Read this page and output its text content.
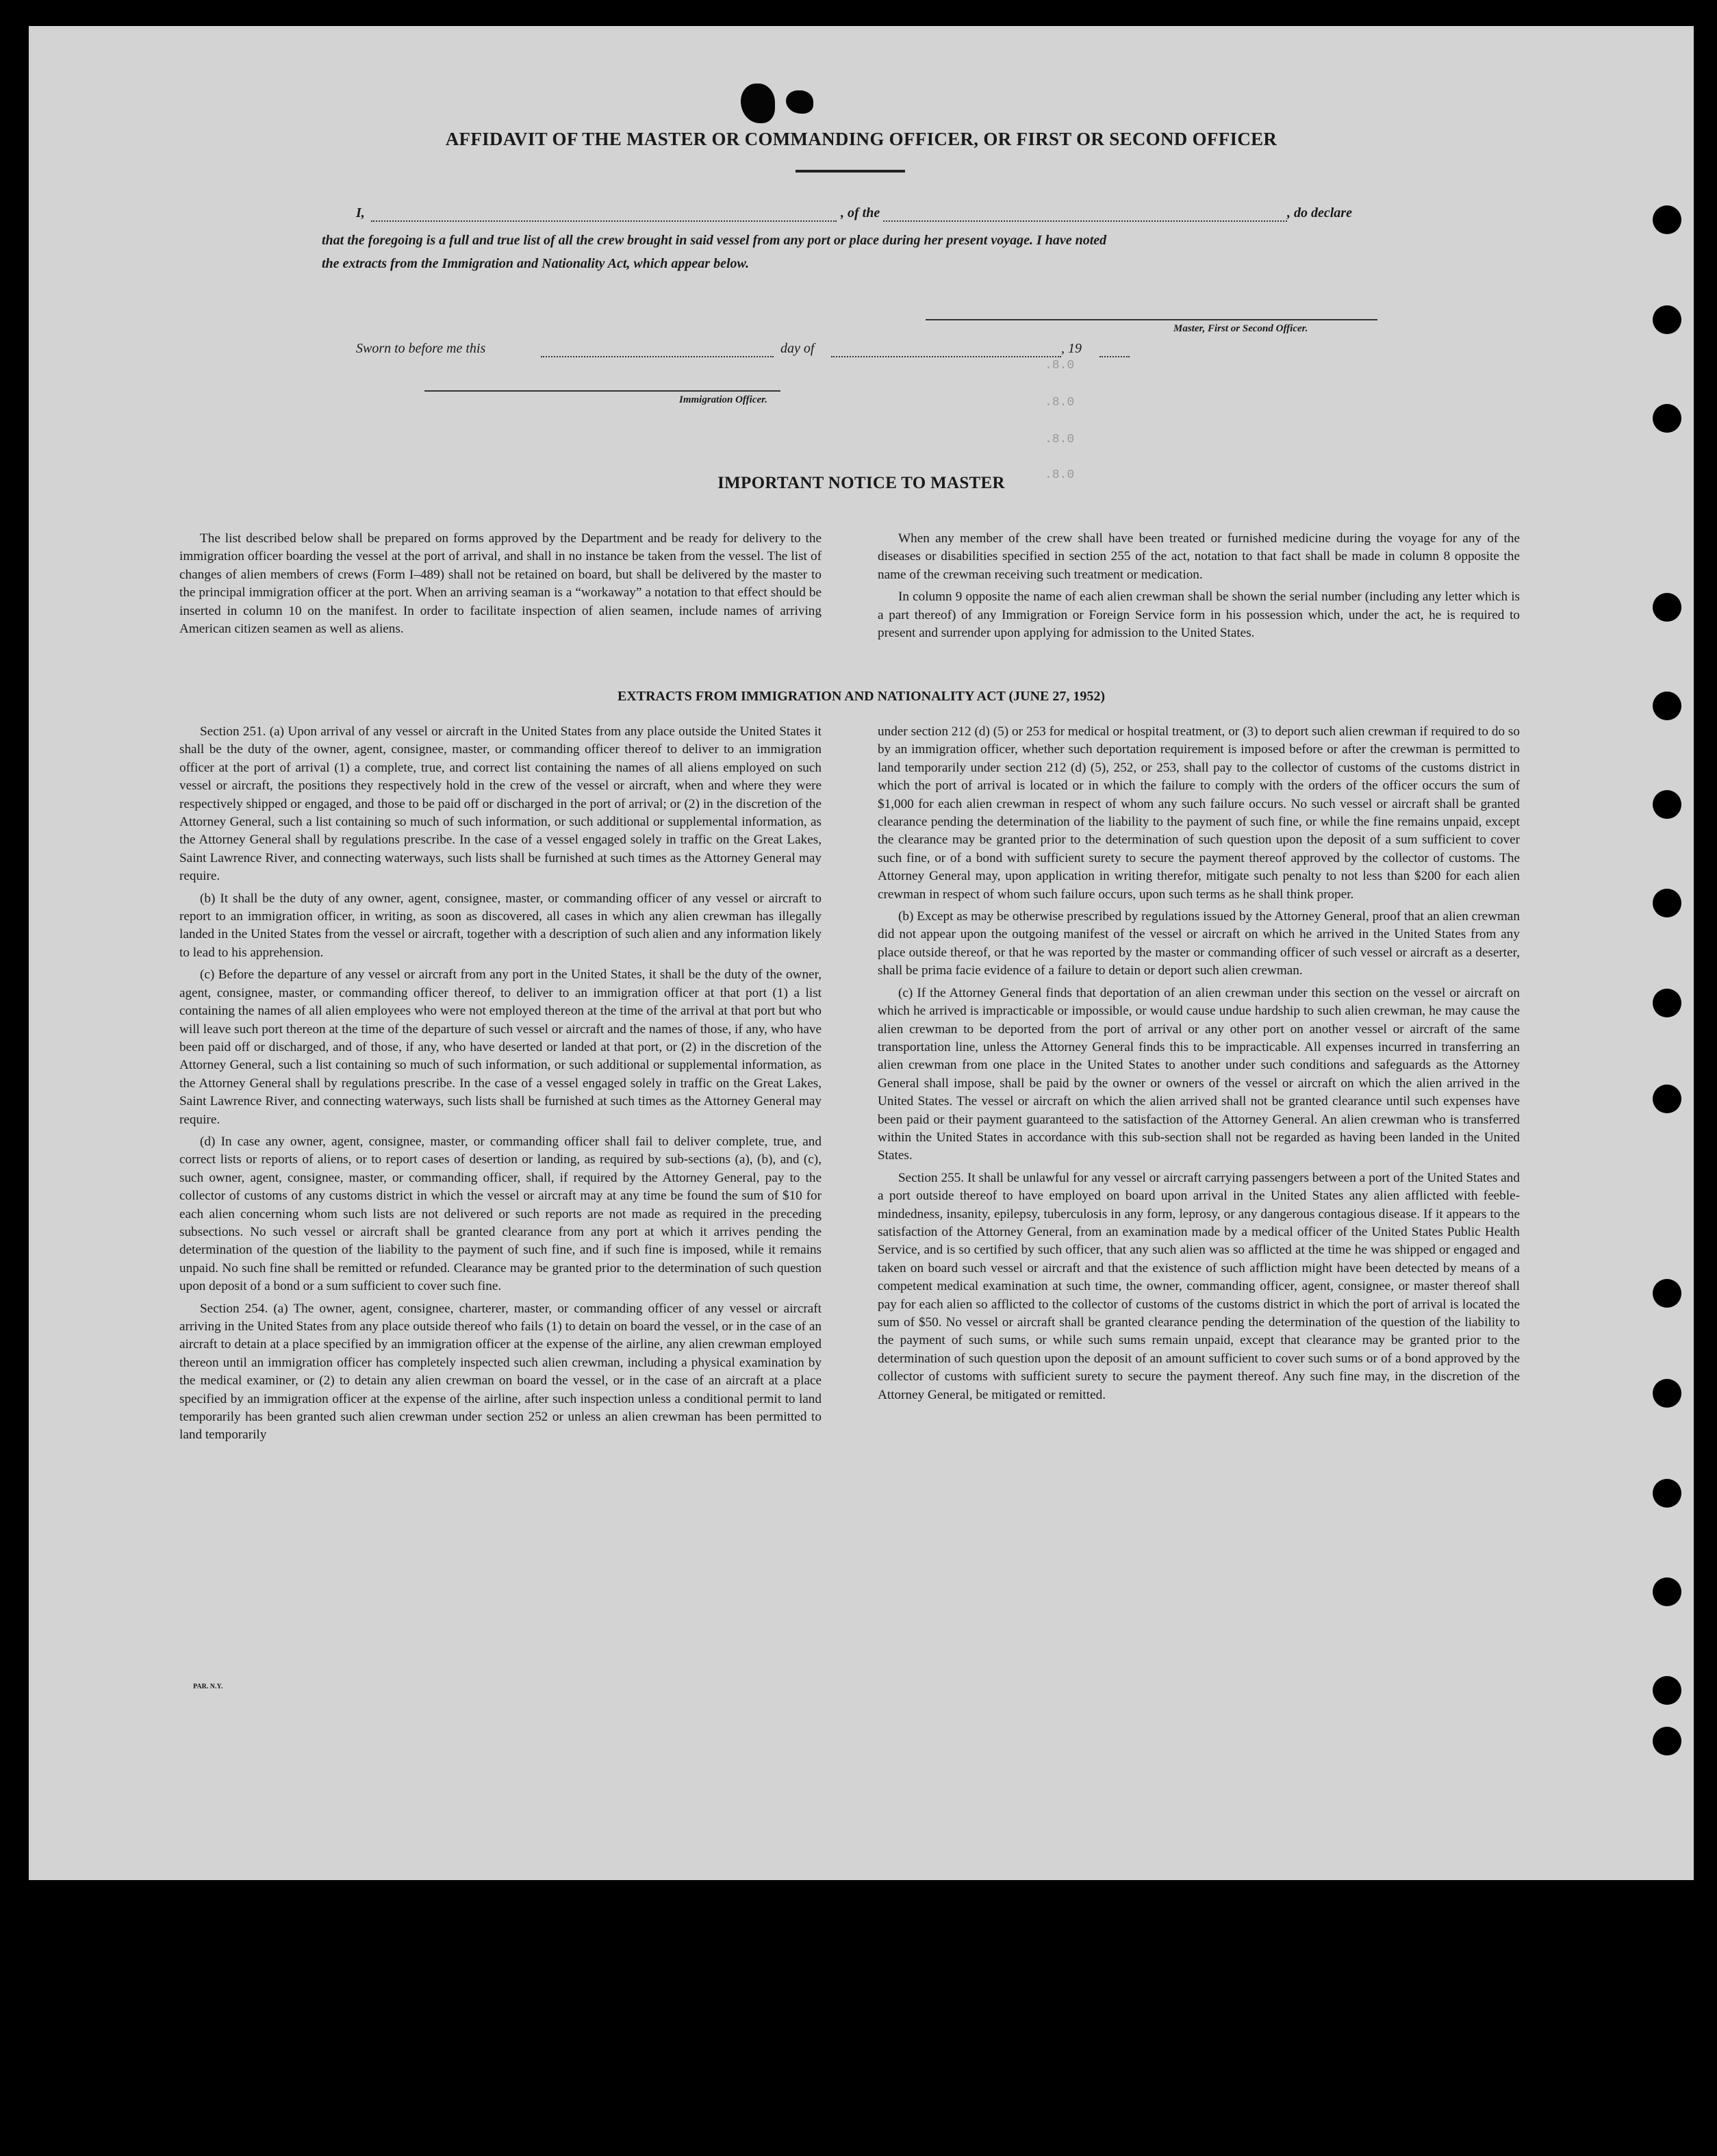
AFFIDAVIT OF THE MASTER OR COMMANDING OFFICER, OR FIRST OR SECOND OFFICER
I,	, of the	, do declare
that the foregoing is a full and true list of all the crew brought in said vessel from any port or place during her present voyage. I have noted
the extracts from the Immigration and Nationality Act, which appear below.
Master, First or Second Officer.
Sworn to before me this	day of	, 19
Immigration Officer.
.8.0
.8.0
.8.0
.8.0
IMPORTANT NOTICE TO MASTER

The list described below shall be prepared on forms approved by the Department and be ready for delivery to the immigration officer boarding the vessel at the port of arrival, and shall in no instance be taken from the vessel. The list of changes of alien members of crews (Form I–489) shall not be retained on board, but shall be delivered by the master to the principal immigration officer at the port. When an arriving seaman is a “workaway” a notation to that effect should be inserted in column 10 on the manifest. In order to facilitate inspection of alien seamen, include names of arriving American citizen seamen as well as aliens.

When any member of the crew shall have been treated or furnished medicine during the voyage for any of the diseases or disabilities specified in section 255 of the act, notation to that fact shall be made in column 8 opposite the name of the crewman receiving such treatment or medication.

In column 9 opposite the name of each alien crewman shall be shown the serial number (including any letter which is a part thereof) of any Immigration or Foreign Service form in his possession which, under the act, he is required to present and surrender upon applying for admission to the United States.

EXTRACTS FROM IMMIGRATION AND NATIONALITY ACT (JUNE 27, 1952)

Section 251. (a) Upon arrival of any vessel or aircraft in the United States from any place outside the United States it shall be the duty of the owner, agent, consignee, master, or commanding officer thereof to deliver to an immigration officer at the port of arrival (1) a complete, true, and correct list containing the names of all aliens employed on such vessel or aircraft, the positions they respectively hold in the crew of the vessel or aircraft, when and where they were respectively shipped or engaged, and those to be paid off or discharged in the port of arrival; or (2) in the discretion of the Attorney General, such a list containing so much of such information, or such additional or supplemental information, as the Attorney General shall by regulations prescribe. In the case of a vessel engaged solely in traffic on the Great Lakes, Saint Lawrence River, and connecting waterways, such lists shall be furnished at such times as the Attorney General may require.

(b) It shall be the duty of any owner, agent, consignee, master, or commanding officer of any vessel or aircraft to report to an immigration officer, in writing, as soon as discovered, all cases in which any alien crewman has illegally landed in the United States from the vessel or aircraft, together with a description of such alien and any information likely to lead to his apprehension.

(c) Before the departure of any vessel or aircraft from any port in the United States, it shall be the duty of the owner, agent, consignee, master, or commanding officer thereof, to deliver to an immigration officer at that port (1) a list containing the names of all alien employees who were not employed thereon at the time of the arrival at that port but who will leave such port thereon at the time of the departure of such vessel or aircraft and the names of those, if any, who have been paid off or discharged, and of those, if any, who have deserted or landed at that port, or (2) in the discretion of the Attorney General, such a list containing so much of such information, or such additional or supplemental information, as the Attorney General shall by regulations prescribe. In the case of a vessel engaged solely in traffic on the Great Lakes, Saint Lawrence River, and connecting waterways, such lists shall be furnished at such times as the Attorney General may require.

(d) In case any owner, agent, consignee, master, or commanding officer shall fail to deliver complete, true, and correct lists or reports of aliens, or to report cases of desertion or landing, as required by sub-sections (a), (b), and (c), such owner, agent, consignee, master, or commanding officer, shall, if required by the Attorney General, pay to the collector of customs of any customs district in which the vessel or aircraft may at any time be found the sum of $10 for each alien concerning whom such lists are not delivered or such reports are not made as required in the preceding subsections. No such vessel or aircraft shall be granted clearance from any port at which it arrives pending the determination of the question of the liability to the payment of such fine, and if such fine is imposed, while it remains unpaid. No such fine shall be remitted or refunded. Clearance may be granted prior to the determination of such question upon deposit of a bond or a sum sufficient to cover such fine.

Section 254. (a) The owner, agent, consignee, charterer, master, or commanding officer of any vessel or aircraft arriving in the United States from any place outside thereof who fails (1) to detain on board the vessel, or in the case of an aircraft to detain at a place specified by an immigration officer at the expense of the airline, any alien crewman employed thereon until an immigration officer has completely inspected such alien crewman, including a physical examination by the medical examiner, or (2) to detain any alien crewman on board the vessel, or in the case of an aircraft at a place specified by an immigration officer at the expense of the airline, after such inspection unless a conditional permit to land temporarily has been granted such alien crewman under section 252 or unless an alien crewman has been permitted to land temporarily

under section 212 (d) (5) or 253 for medical or hospital treatment, or (3) to deport such alien crewman if required to do so by an immigration officer, whether such deportation requirement is imposed before or after the crewman is permitted to land temporarily under section 212 (d) (5), 252, or 253, shall pay to the collector of customs of the customs district in which the port of arrival is located or in which the failure to comply with the orders of the officer occurs the sum of $1,000 for each alien crewman in respect of whom any such failure occurs. No such vessel or aircraft shall be granted clearance pending the determination of the liability to the payment of such fine, or while the fine remains unpaid, except the clearance may be granted prior to the determination of such question upon the deposit of a sum sufficient to cover such fine, or of a bond with sufficient surety to secure the payment thereof approved by the collector of customs. The Attorney General may, upon application in writing therefor, mitigate such penalty to not less than $200 for each alien crewman in respect of whom such failure occurs, upon such terms as he shall think proper.

(b) Except as may be otherwise prescribed by regulations issued by the Attorney General, proof that an alien crewman did not appear upon the outgoing manifest of the vessel or aircraft on which he arrived in the United States from any place outside thereof, or that he was reported by the master or commanding officer of such vessel or aircraft as a deserter, shall be prima facie evidence of a failure to detain or deport such alien crewman.

(c) If the Attorney General finds that deportation of an alien crewman under this section on the vessel or aircraft on which he arrived is impracticable or impossible, or would cause undue hardship to such alien crewman, he may cause the alien crewman to be deported from the port of arrival or any other port on another vessel or aircraft of the same transportation line, unless the Attorney General finds this to be impracticable. All expenses incurred in transferring an alien crewman from one place in the United States to another under such conditions and safeguards as the Attorney General shall impose, shall be paid by the owner or owners of the vessel or aircraft on which the alien arrived in the United States. The vessel or aircraft on which the alien arrived shall not be granted clearance until such expenses have been paid or their payment guaranteed to the satisfaction of the Attorney General. An alien crewman who is transferred within the United States in accordance with this sub-section shall not be regarded as having been landed in the United States.

Section 255. It shall be unlawful for any vessel or aircraft carrying passengers between a port of the United States and a port outside thereof to have employed on board upon arrival in the United States any alien afflicted with feeble-mindedness, insanity, epilepsy, tuberculosis in any form, leprosy, or any dangerous contagious disease. If it appears to the satisfaction of the Attorney General, from an examination made by a medical officer of the United States Public Health Service, and is so certified by such officer, that any such alien was so afflicted at the time he was shipped or engaged and taken on board such vessel or aircraft and that the existence of such affliction might have been detected by means of a competent medical examination at such time, the owner, commanding officer, agent, consignee, or master thereof shall pay for each alien so afflicted to the collector of customs of the customs district in which the port of arrival is located the sum of $50. No vessel or aircraft shall be granted clearance pending the determination of the question of the liability to the payment of such sums, or while such sums remain unpaid, except that clearance may be granted prior to the determination of such question upon the deposit of an amount sufficient to cover such sums or of a bond approved by the collector of customs with sufficient surety to secure the payment thereof. Any such fine may, in the discretion of the Attorney General, be mitigated or remitted.

PAR. N.Y.
